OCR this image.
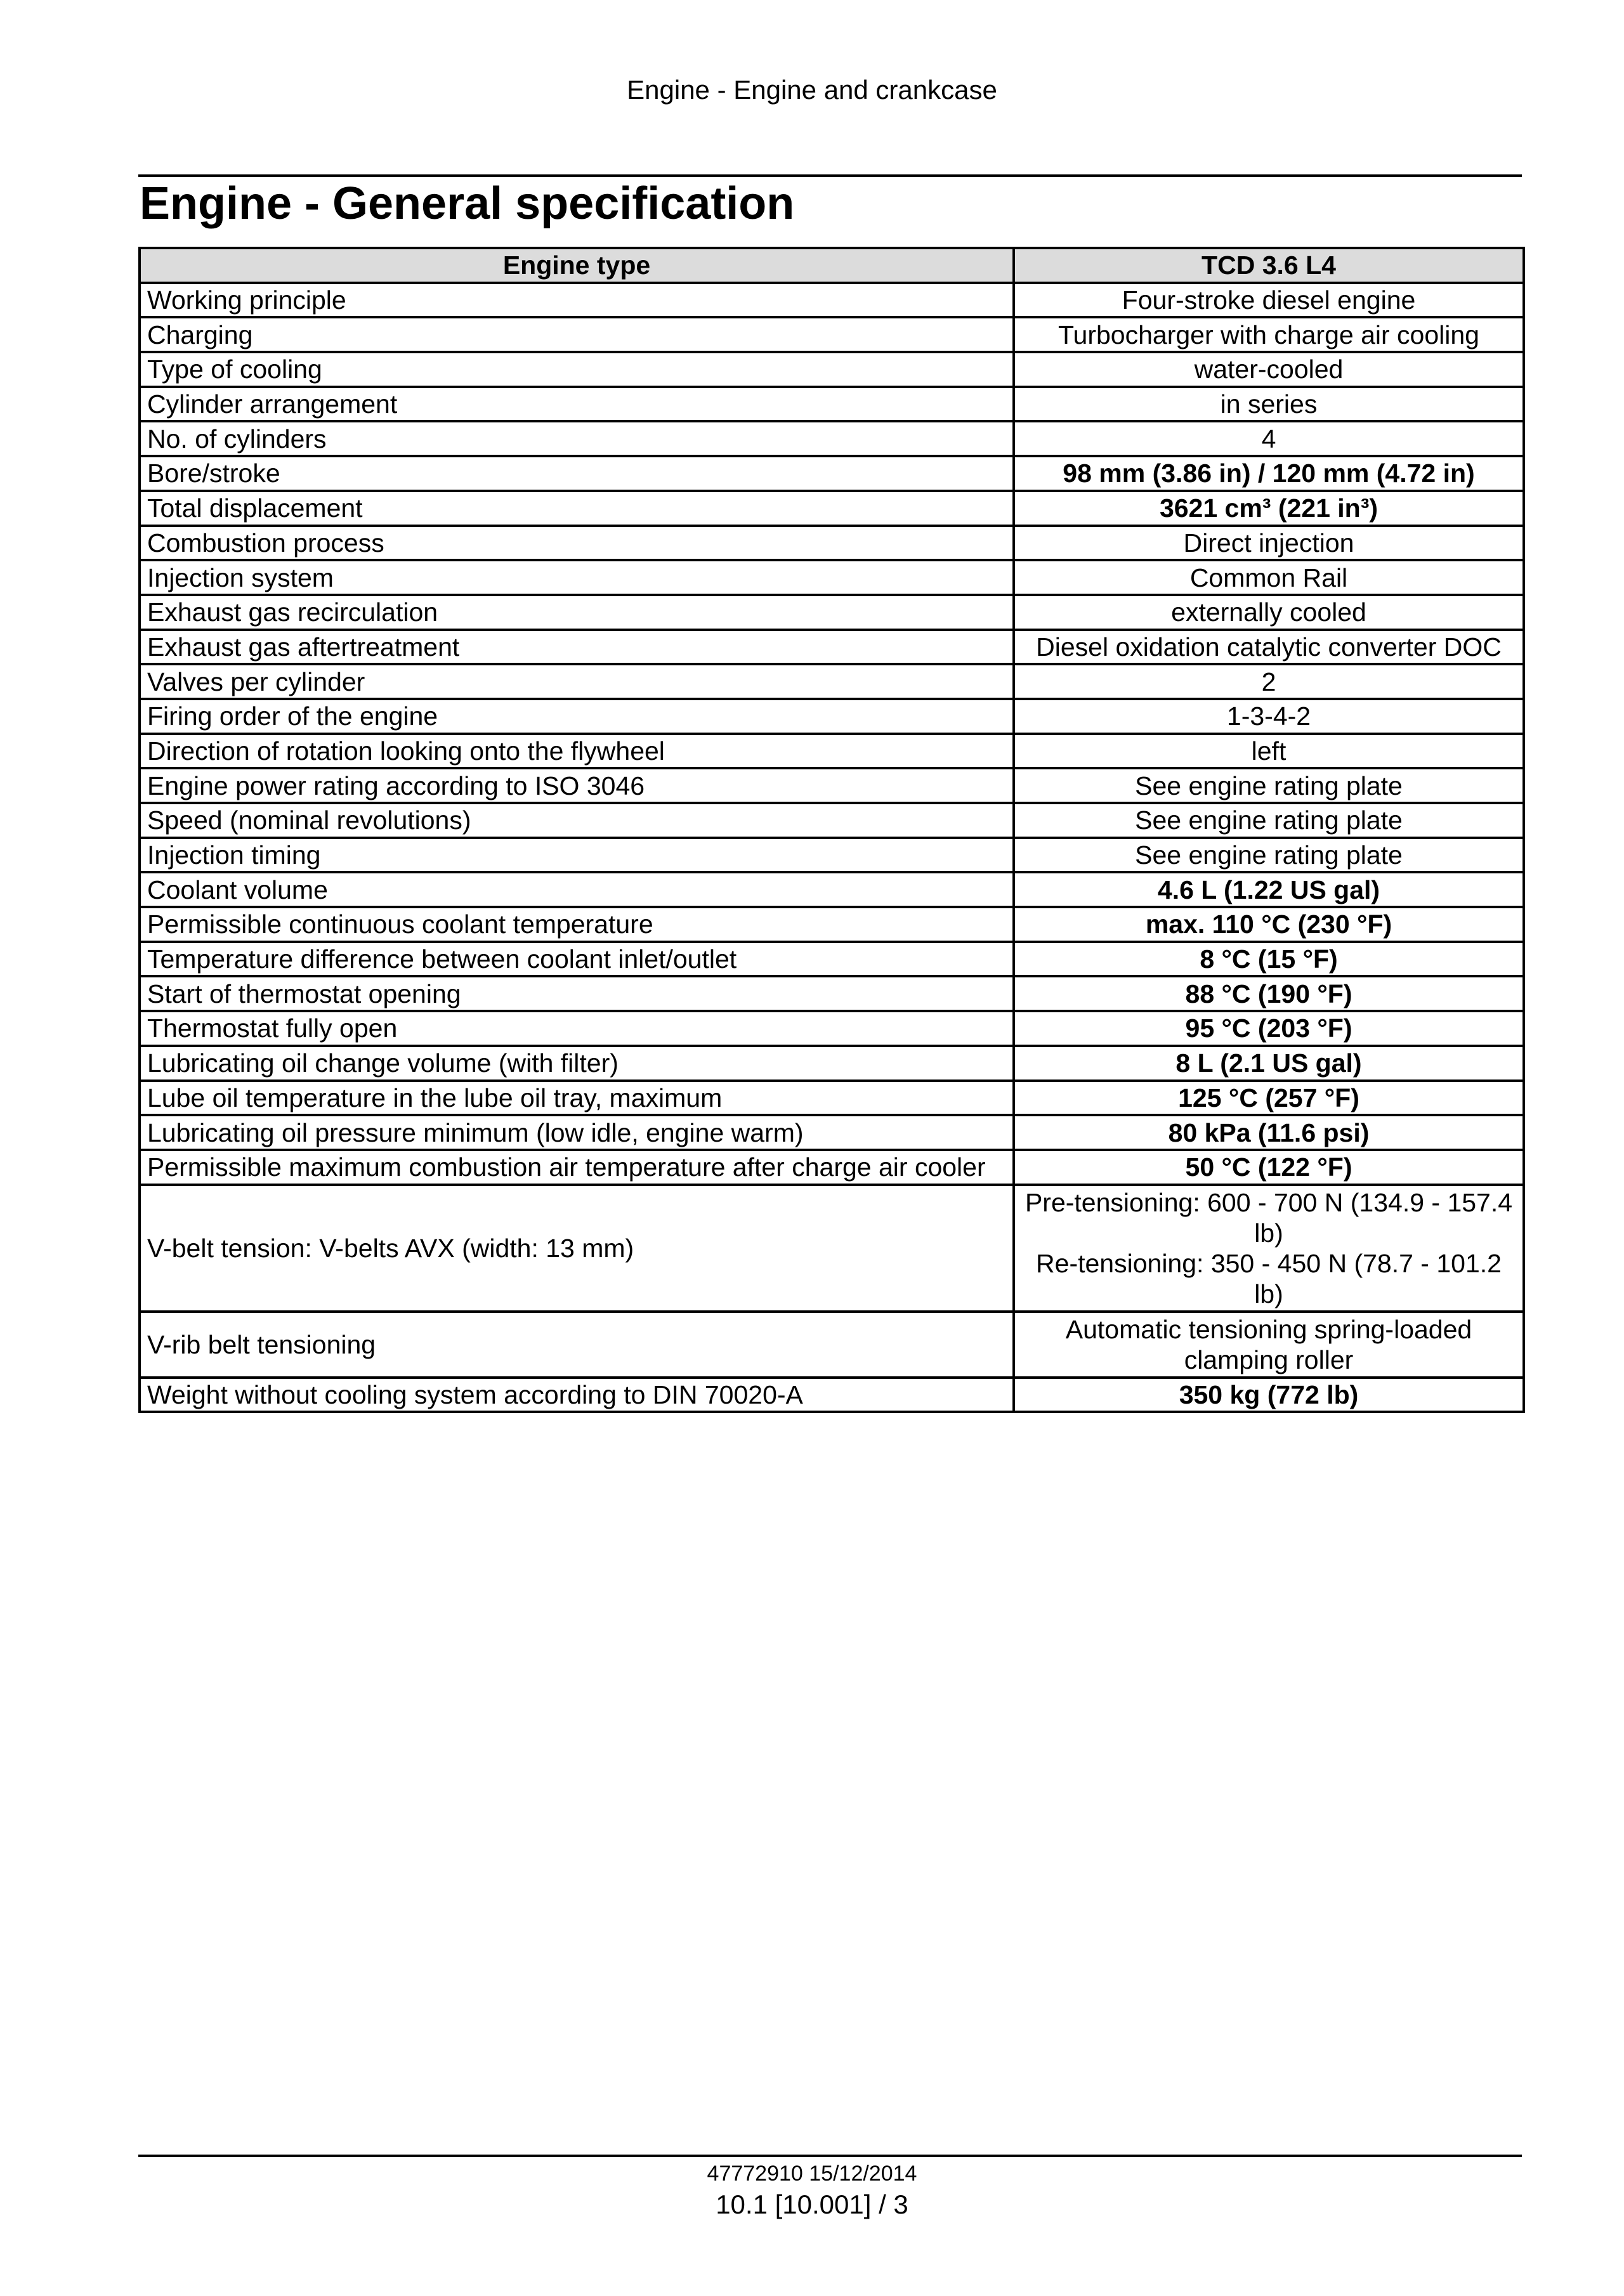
Engine - Engine and crankcase
Engine - General specification
Engine type	TCD 3.6 L4
Working principle	Four-stroke diesel engine
Charging	Turbocharger with charge air cooling
Type of cooling	water-cooled
Cylinder arrangement	in series
No. of cylinders	4
Bore/stroke	98 mm (3.86 in) / 120 mm (4.72 in)
Total displacement	3621 cm³ (221 in³)
Combustion process	Direct injection
Injection system	Common Rail
Exhaust gas recirculation	externally cooled
Exhaust gas aftertreatment	Diesel oxidation catalytic converter DOC
Valves per cylinder	2
Firing order of the engine	1-3-4-2
Direction of rotation looking onto the flywheel	left
Engine power rating according to ISO 3046	See engine rating plate
Speed (nominal revolutions)	See engine rating plate
Injection timing	See engine rating plate
Coolant volume	4.6 L (1.22 US gal)
Permissible continuous coolant temperature	max. 110 °C (230 °F)
Temperature difference between coolant inlet/outlet	8 °C (15 °F)
Start of thermostat opening	88 °C (190 °F)
Thermostat fully open	95 °C (203 °F)
Lubricating oil change volume (with filter)	8 L (2.1 US gal)
Lube oil temperature in the lube oil tray, maximum	125 °C (257 °F)
Lubricating oil pressure minimum (low idle, engine warm)	80 kPa (11.6 psi)
Permissible maximum combustion air temperature after charge air cooler	50 °C (122 °F)
V-belt tension: V-belts AVX (width: 13 mm)	Pre-tensioning: 600 - 700 N (134.9 - 157.4 lb)
Re-tensioning: 350 - 450 N (78.7 - 101.2 lb)

V-rib belt tensioning	Automatic tensioning spring-loaded clamping roller
Weight without cooling system according to DIN 70020-A	350 kg (772 lb)
47772910 15/12/2014
10.1 [10.001] / 3
